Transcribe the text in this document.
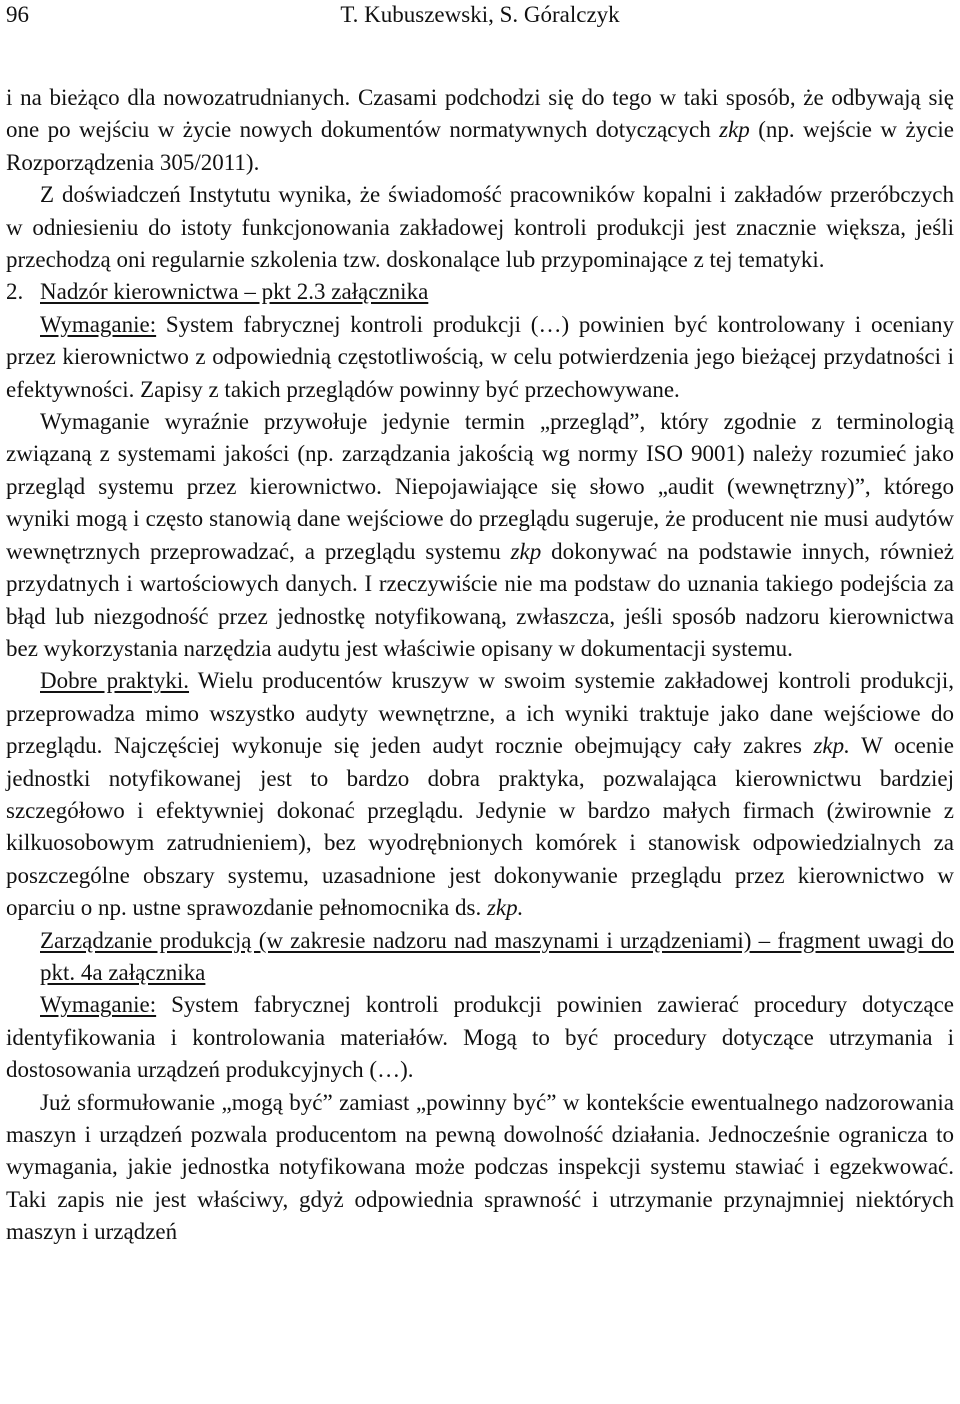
96	T. Kubuszewski, S. Góralczyk

i na bieżąco dla nowozatrudnianych. Czasami podchodzi się do tego w taki sposób, że odbywają się one po wejściu w życie nowych dokumentów normatywnych dotyczących zkp (np. wejście w życie Rozporządzenia 305/2011).

Z doświadczeń Instytutu wynika, że świadomość pracowników kopalni i zakładów przeróbczych w odniesieniu do istoty funkcjonowania zakładowej kontroli produkcji jest znacznie większa, jeśli przechodzą oni regularnie szkolenia tzw. doskonalące lub przypominające z tej tematyki.

2. Nadzór kierownictwa – pkt 2.3 załącznika

Wymaganie: System fabrycznej kontroli produkcji (…) powinien być kontrolowany i oceniany przez kierownictwo z odpowiednią częstotliwością, w celu potwierdzenia jego bieżącej przydatności i efektywności. Zapisy z takich przeglądów powinny być przechowywane.

Wymaganie wyraźnie przywołuje jedynie termin „przegląd”, który zgodnie z terminologią związaną z systemami jakości (np. zarządzania jakością wg normy ISO 9001) należy rozumieć jako przegląd systemu przez kierownictwo. Niepojawiające się słowo „audit (wewnętrzny)”, którego wyniki mogą i często stanowią dane wejściowe do przeglądu sugeruje, że producent nie musi audytów wewnętrznych przeprowadzać, a przeglądu systemu zkp dokonywać na podstawie innych, również przydatnych i wartościowych danych. I rzeczywiście nie ma podstaw do uznania takiego podejścia za błąd lub niezgodność przez jednostkę notyfikowaną, zwłaszcza, jeśli sposób nadzoru kierownictwa bez wykorzystania narzędzia audytu jest właściwie opisany w dokumentacji systemu.

Dobre praktyki. Wielu producentów kruszyw w swoim systemie zakładowej kontroli produkcji, przeprowadza mimo wszystko audyty wewnętrzne, a ich wyniki traktuje jako dane wejściowe do przeglądu. Najczęściej wykonuje się jeden audyt rocznie obejmujący cały zakres zkp. W ocenie jednostki notyfikowanej jest to bardzo dobra praktyka, pozwalająca kierownictwu bardziej szczegółowo i efektywniej dokonać przeglądu. Jedynie w bardzo małych firmach (żwirownie z kilkuosobowym zatrudnieniem), bez wyodrębnionych komórek i stanowisk odpowiedzialnych za poszczególne obszary systemu, uzasadnione jest dokonywanie przeglądu przez kierownictwo w oparciu o np. ustne sprawozdanie pełnomocnika ds. zkp.

Zarządzanie produkcją (w zakresie nadzoru nad maszynami i urządzeniami) – fragment uwagi do pkt. 4a załącznika

Wymaganie: System fabrycznej kontroli produkcji powinien zawierać procedury dotyczące identyfikowania i kontrolowania materiałów. Mogą to być procedury dotyczące utrzymania i dostosowania urządzeń produkcyjnych (…).

Już sformułowanie „mogą być” zamiast „powinny być” w kontekście ewentualnego nadzorowania maszyn i urządzeń pozwala producentom na pewną dowolność działania. Jednocześnie ogranicza to wymagania, jakie jednostka notyfikowana może podczas inspekcji systemu stawiać i egzekwować. Taki zapis nie jest właściwy, gdyż odpowiednia sprawność i utrzymanie przynajmniej niektórych maszyn i urządzeń
